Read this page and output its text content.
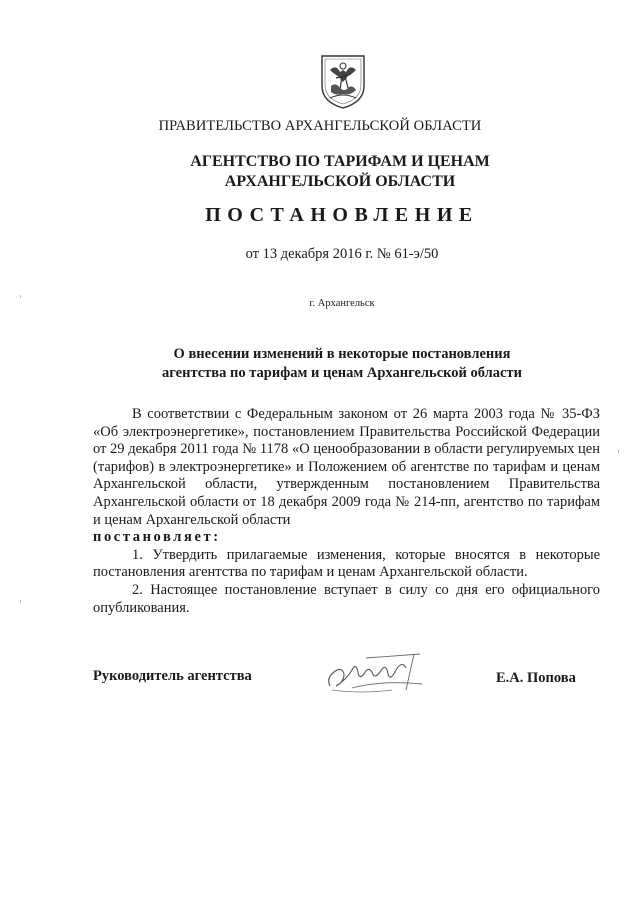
ПРАВИТЕЛЬСТВО АРХАНГЕЛЬСКОЙ ОБЛАСТИ
АГЕНТСТВО ПО ТАРИФАМ И ЦЕНАМ
АРХАНГЕЛЬСКОЙ ОБЛАСТИ
ПОСТАНОВЛЕНИЕ
от 13 декабря 2016 г. № 61-э/50
г. Архангельск
О внесении изменений в некоторые постановления
агентства по тарифам и ценам Архангельской области

В соответствии с Федеральным законом от 26 марта 2003 года № 35-ФЗ «Об электроэнергетике», постановлением Правительства Российской Федерации от 29 декабря 2011 года № 1178 «О ценообразовании в области регулируемых цен (тарифов) в электроэнергетике» и Положением об агентстве по тарифам и ценам Архангельской области, утвержденным постановлением Правительства Архангельской области от 18 декабря 2009 года № 214-пп, агентство по тарифам и ценам Архангельской области

постановляет:

1. Утвердить прилагаемые изменения, которые вносятся в некоторые постановления агентства по тарифам и ценам Архангельской области.

2. Настоящее постановление вступает в силу со дня его официального опубликования.

Руководитель агентства	Е.А. Попова
